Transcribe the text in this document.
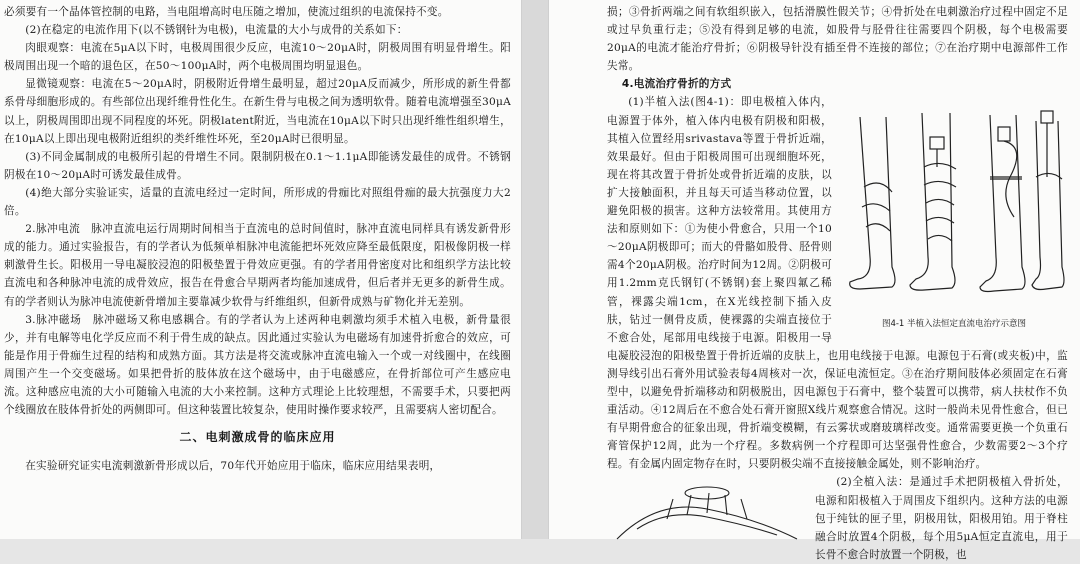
必须要有一个晶体管控制的电路，当电阻增高时电压随之增加，使流过组织的电流保持不变。

(2)在稳定的电流作用下(以不锈钢针为电极)，电流量的大小与成骨的关系如下：

肉眼观察：电流在5μA以下时，电极周围很少反应，电流10～20μA时，阴极周围有明显骨增生。阳极周围出现一个暗的退色区，在50～100μA时，两个电极周围均明显退色。

显微镜观察：电流在5～20μA时，阴极附近骨增生最明显，超过20μA反而减少，所形成的新生骨都系骨母细胞形成的。有些部位出现纤维骨性化生。在新生骨与电极之间为透明软骨。随着电流增强至30μA以上，阴极周围即出现不同程度的坏死。阴极latent附近，当电流在10μA以下时只出现纤维性组织增生，在10μA以上即出现电极附近组织的类纤维性坏死，至20μA时已很明显。

(3)不同金属制成的电极所引起的骨增生不同。限制阴极在0.1～1.1μA即能诱发最佳的成骨。不锈钢阴极在10～20μA时可诱发最佳成骨。

(4)绝大部分实验证实，适量的直流电经过一定时间，所形成的骨痂比对照组骨痂的最大抗强度力大2倍。

2.脉冲电流　脉冲直流电运行周期时间相当于直流电的总时间值时，脉冲直流电同样具有诱发新骨形成的能力。通过实验报告，有的学者认为低频单相脉冲电流能把坏死效应降至最低限度，阳极像阴极一样刺激骨生长。阳极用一导电凝胶浸泡的阳极垫置于骨效应更强。有的学者用骨密度对比和组织学方法比较直流电和各种脉冲电流的成骨效应，报告在骨愈合早期两者均能加速成骨，但后者并无更多的新骨生成。有的学者则认为脉冲电流使新骨增加主要靠减少软骨与纤维组织，但新骨成熟与矿物化并无差别。

3.脉冲磁场　脉冲磁场又称电感耦合。有的学者认为上述两种电刺激均须手术植入电极，新骨量很少，并有电解等电化学反应而不利于骨生成的缺点。因此通过实验认为电磁场有加速骨折愈合的效应，可能是作用于骨痂生过程的结构和成熟方面。其方法是将交流或脉冲直流电输入一个或一对线圈中，在线圈周围产生一个交变磁场。如果把骨折的肢体放在这个磁场中，由于电磁感应，在骨折部位可产生感应电流。这种感应电流的大小可随输入电流的大小来控制。这种方式理论上比较理想，不需要手术，只要把两个线圈放在肢体骨折处的两侧即可。但这种装置比较复杂，使用时操作要求较严，且需要病人密切配合。

二、电刺激成骨的临床应用

在实验研究证实电流刺激新骨形成以后，70年代开始应用于临床，临床应用结果表明，

损；③骨折两端之间有软组织嵌入，包括滑膜性假关节；④骨折处在电刺激治疗过程中固定不足或过早负重行走；⑤没有得到足够的电流，如股骨与胫骨往往需要四个阴极，每个电极需要20μA的电流才能治疗骨折；⑥阴极导针没有插至骨不连接的部位；⑦在治疗期中电源部件工作失常。

4.电流治疗骨折的方式

图4-1 半植入法恒定直流电治疗示意图

(1)半植入法(图4-1)：即电极植入体内，电源置于体外，植入体内电极有阴极和阳极，其植入位置经用srivastava等置于骨折近端，效果最好。但由于阳极周围可出现细胞坏死，现在将其改置于骨折处或骨折近端的皮肤，以扩大接触面积，并且每天可适当移动位置，以避免阳极的损害。这种方法较常用。其使用方法和原则如下：①为使小骨愈合，只用一个10～20μA阴极即可；而大的骨骼如股骨、胫骨则需4个20μA阴极。治疗时间为12周。②阴极可用1.2mm克氏钢钉(不锈钢)套上聚四氟乙稀管，裸露尖端1cm，在X光线控制下插入皮肤，钻过一侧骨皮质，使裸露的尖端直接位于不愈合处，尾部用电线接于电源。阳极用一导电凝胶浸泡的阳极垫置于骨折近端的皮肤上，也用电线接于电源。电源包于石膏(或夹板)中，监测导线引出石膏外用试验表每4周核对一次，保证电流恒定。③在治疗期间肢体必须固定在石膏型中，以避免骨折端移动和阴极脱出，因电源包于石膏中，整个装置可以携带，病人扶杖作不负重活动。④12周后在不愈合处石膏开窗照X线片观察愈合情况。这时一般尚未见骨性愈合，但已有早期骨愈合的征象出现，骨折端变模糊，有云雾状或磨玻璃样改变。通常需要更换一个负重石膏管保护12周，此为一个疗程。多数病例一个疗程即可达坚强骨性愈合，少数需要2～3个疗程。有金属内固定物存在时，只要阴极尖端不直接接触金属处，则不影响治疗。

(2)全植入法：是通过手术把阴极植入骨折处，电源和阳极植入于周围皮下组织内。这种方法的电源包于纯钛的匣子里，阴极用钛，阳极用铂。用于脊柱融合时放置4个阴极，每个用5μA恒定直流电，用于长骨不愈合时放置一个阴极，也
